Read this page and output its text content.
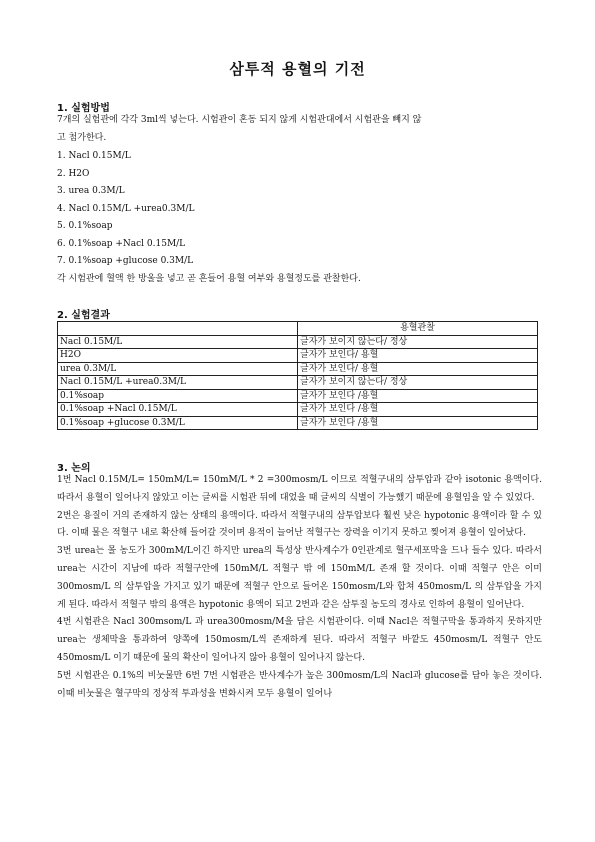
삼투적 용혈의 기전
1. 실험방법
7개의 실험관에 각각 3ml씩 넣는다. 시험관이 혼동 되지 않게 시험관대에서 시험관을 빼지 않
고 첨가한다.
1. Nacl 0.15M/L
2. H2O
3. urea 0.3M/L
4. Nacl 0.15M/L +urea0.3M/L
5. 0.1%soap
6. 0.1%soap +Nacl 0.15M/L
7. 0.1%soap +glucose 0.3M/L
각 시험관에 혈액 한 방울을 넣고 곧 흔들어 용혈 여부와 용혈정도를 관찰한다.
2. 실험결과
	용혈관찰
Nacl 0.15M/L	글자가 보이지 않는다/ 정상
H2O	글자가 보인다/ 용혈
urea 0.3M/L	글자가 보인다/ 용혈
Nacl 0.15M/L +urea0.3M/L	글자가 보이지 않는다/ 정상
0.1%soap	글자가 보인다 /용혈
0.1%soap +Nacl 0.15M/L	글자가 보인다 /용혈
0.1%soap +glucose 0.3M/L	글자가 보인다 /용혈
3. 논의

1번 Nacl 0.15M/L= 150mM/L= 150mM/L * 2 =300mosm/L 이므로 적혈구내의 삼투압과 같아 isotonic 용액이다. 따라서 용혈이 일어나지 않았고 이는 글씨를 시험관 뒤에 대었을 때 글씨의 식별이 가능했기 때문에 용혈임을 알 수 있었다.

2번은 용질이 거의 존재하지 않는 상태의 용액이다. 따라서 적혈구내의 삼투압보다 훨씬 낮은 hypotonic 용액이라 할 수 있다. 이때 물은 적혈구 내로 확산해 들어갈 것이며 용적이 늘어난 적혈구는 장력을 이기지 못하고 찢어져 용혈이 일어났다.

3번 urea는 몰 농도가 300mM/L이긴 하지만 urea의 특성상 반사계수가 0인관계로 혈구세포막을 드나 들수 있다. 따라서 urea는 시간이 지남에 따라 적혈구안에 150mM/L 적혈구 밖 에 150mM/L 존재 할 것이다. 이때 적혈구 안은 이미 300mosm/L 의 삼투압을 가지고 있기 때문에 적혈구 안으로 들어온 150mosm/L와 합쳐 450mosm/L 의 삼투압을 가지게 된다. 따라서 적혈구 밖의 용액은 hypotonic 용액이 되고 2번과 같은 삼투질 농도의 경사로 인하여 용혈이 일어난다.

4번 시험관은 Nacl 300msom/L 과 urea300mosm/M을 담은 시험관이다. 이때 Nacl은 적혈구막을 통과하지 못하지만 urea는 생체막을 통과하여 양쪽에 150mosm/L씩 존재하게 된다. 따라서 적혈구 바깥도 450mosm/L 적혈구 안도450mosm/L 이기 때문에 물의 확산이 일어나지 않아 용혈이 일어나지 않는다.

5번 시험관은 0.1%의 비눗물만 6번 7번 시험관은 반사계수가 높은 300mosm/L의 Nacl과 glucose를 담아 놓은 것이다. 이때 비눗물은 혈구막의 정상적 투과성을 변화시켜 모두 용혈이 일어나
